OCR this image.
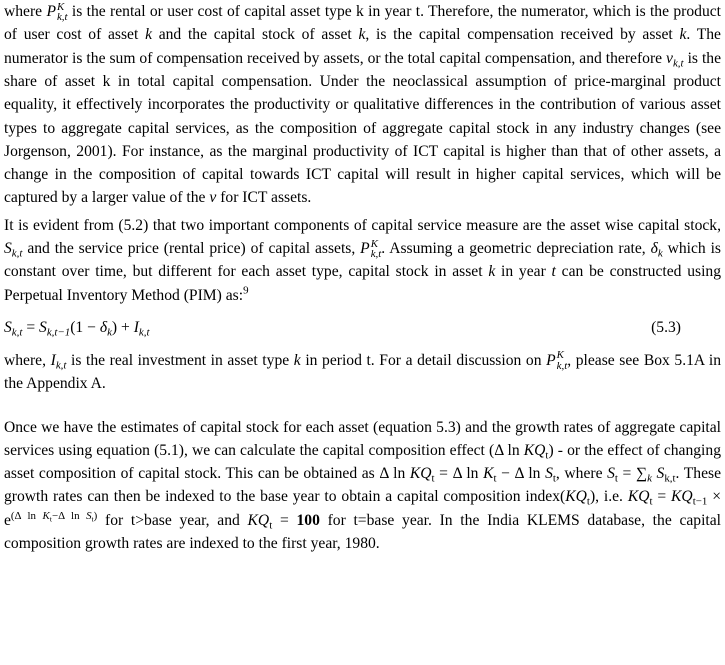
where P K
k,t is the rental or user cost of capital asset type k in year t. Therefore, the numerator, which is the product of user cost of asset k and the capital stock of asset k, is the capital compensation received by asset k. The numerator is the sum of compensation received by assets, or the total capital compensation, and therefore $v_{k,t}$ is the share of asset k in total capital compensation. Under the neoclassical assumption of price-marginal product equality, it effectively incorporates the productivity or qualitative differences in the contribution of various asset types to aggregate capital services, as the composition of aggregate capital stock in any industry changes (see Jorgenson, 2001). For instance, as the marginal productivity of ICT capital is higher than that of other assets, a change in the composition of capital towards ICT capital will result in higher capital services, which will be captured by a larger value of the v for ICT assets.

It is evident from (5.2) that two important components of capital service measure are the asset wise capital stock, $S_{k,t}$ and the service price (rental price) of capital assets, P K
k,t . Assuming a geometric depreciation rate, $\delta_k$ which is constant over time, but different for each asset type, capital stock in asset k in year t can be constructed using Perpetual Inventory Method (PIM) as:$^9$

$S_{k,t} = S_{k,t-1}(1 - \delta_k) + I_{k,t}$	(5.3)

where, $I_{k,t}$ is the real investment in asset type k in period t. For a detail discussion on P K
k,t , please see Box 5.1A in the Appendix A.

Once we have the estimates of capital stock for each asset (equation 5.3) and the growth rates of aggregate capital services using equation (5.1), we can calculate the capital composition effect (Δ $\ln KQ_t$) - or the effect of changing asset composition of capital stock. This can be obtained as Δ $\ln KQ_t = \Delta$ $\ln K_t - \Delta$ $\ln S_t$, where $S_t = \sum_k$ $S_{k,t}$. These growth rates can then be indexed to the base year to obtain a capital composition $index(KQ_t)$, i.e. $KQ_t = KQ_{t-1} \times e^{(\Delta ln K_t-\Delta ln S_t)}$ for t>base year, and $KQ_t = 100$ for t=base year. In the India KLEMS database, the capital composition growth rates are indexed to the first year, 1980.
